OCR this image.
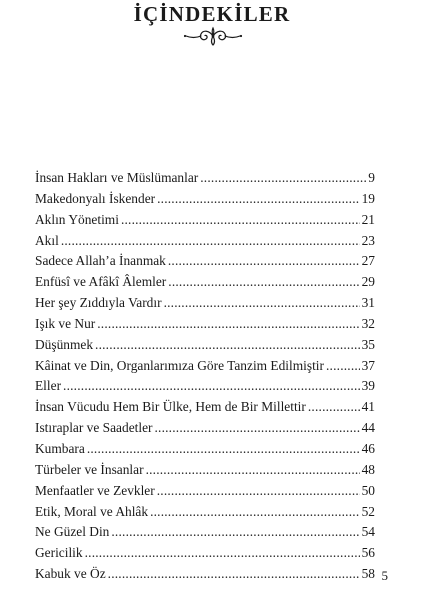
İÇİNDEKİLER
İnsan Hakları ve Müslümanlar .....	9
Makedonyalı İskender .....	19
Aklın Yönetimi .....	21
Akıl .....	23
Sadece Allah’a İnanmak .....	27
Enfüsî ve Afâkî Âlemler .....	29
Her şey Zıddıyla Vardır .....	31
Işık ve Nur .....	32
Düşünmek .....	35
Kâinat ve Din, Organlarımıza Göre Tanzim Edilmiştir .....	37
Eller .....	39
İnsan Vücudu Hem Bir Ülke, Hem de Bir Millettir .....	41
Istıraplar ve Saadetler .....	44
Kumbara .....	46
Türbeler ve İnsanlar .....	48
Menfaatler ve Zevkler .....	50
Etik, Moral ve Ahlâk .....	52
Ne Güzel Din .....	54
Gericilik .....	56
Kabuk ve Öz .....	58 5
